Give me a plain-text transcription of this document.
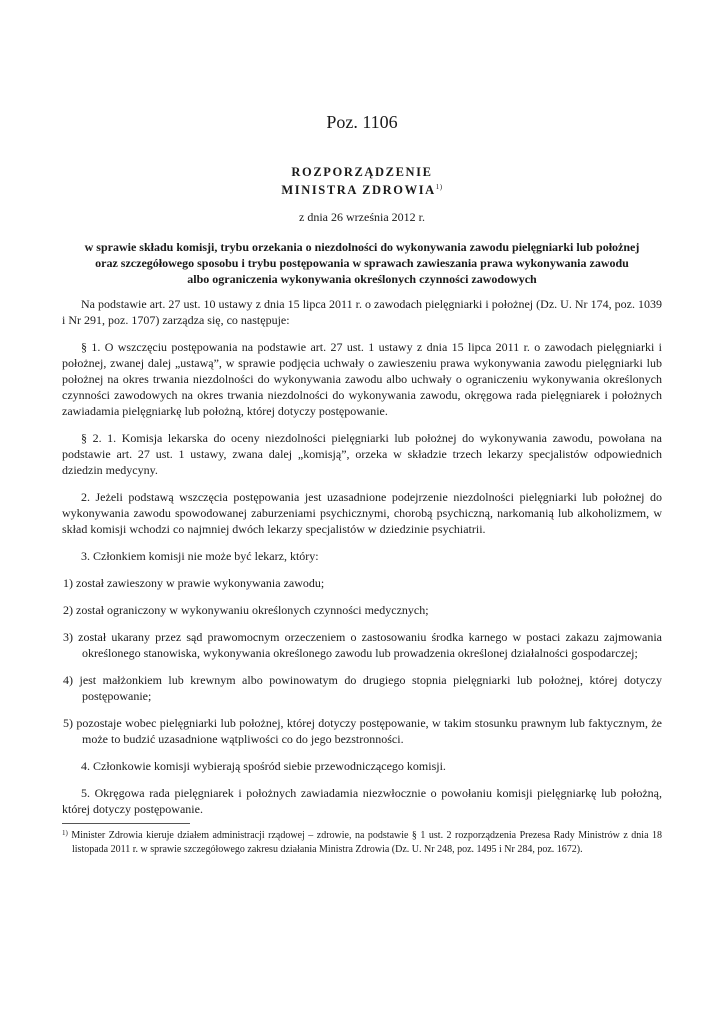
Poz. 1106
ROZPORZĄDZENIE
MINISTRA ZDROWIA$^{1)}$
z dnia 26 września 2012 r.
w sprawie składu komisji, trybu orzekania o niezdolności do wykonywania zawodu pielęgniarki lub położnej
oraz szczegółowego sposobu i trybu postępowania w sprawach zawieszania prawa wykonywania zawodu
albo ograniczenia wykonywania określonych czynności zawodowych

Na podstawie art. 27 ust. 10 ustawy z dnia 15 lipca 2011 r. o zawodach pielęgniarki i położnej (Dz. U. Nr 174, poz. 1039 i Nr 291, poz. 1707) zarządza się, co następuje:

§ 1. O wszczęciu postępowania na podstawie art. 27 ust. 1 ustawy z dnia 15 lipca 2011 r. o zawodach pielęgniarki i położnej, zwanej dalej „ustawą”, w sprawie podjęcia uchwały o zawieszeniu prawa wykonywania zawodu pielęgniarki lub położnej na okres trwania niezdolności do wykonywania zawodu albo uchwały o ograniczeniu wykonywania określonych czynności zawodowych na okres trwania niezdolności do wykonywania zawodu, okręgowa rada pielęgniarek i położnych zawiadamia pielęgniarkę lub położną, której dotyczy postępowanie.

§ 2. 1. Komisja lekarska do oceny niezdolności pielęgniarki lub położnej do wykonywania zawodu, powołana na podstawie art. 27 ust. 1 ustawy, zwana dalej „komisją”, orzeka w składzie trzech lekarzy specjalistów odpowiednich dziedzin medycyny.

2. Jeżeli podstawą wszczęcia postępowania jest uzasadnione podejrzenie niezdolności pielęgniarki lub położnej do wykonywania zawodu spowodowanej zaburzeniami psychicznymi, chorobą psychiczną, narkomanią lub alkoholizmem, w skład komisji wchodzi co najmniej dwóch lekarzy specjalistów w dziedzinie psychiatrii.

3. Członkiem komisji nie może być lekarz, który:

1) został zawieszony w prawie wykonywania zawodu;

2) został ograniczony w wykonywaniu określonych czynności medycznych;

3) został ukarany przez sąd prawomocnym orzeczeniem o zastosowaniu środka karnego w postaci zakazu zajmowania określonego stanowiska, wykonywania określonego zawodu lub prowadzenia określonej działalności gospodarczej;

4) jest małżonkiem lub krewnym albo powinowatym do drugiego stopnia pielęgniarki lub położnej, której dotyczy postępowanie;

5) pozostaje wobec pielęgniarki lub położnej, której dotyczy postępowanie, w takim stosunku prawnym lub faktycznym, że może to budzić uzasadnione wątpliwości co do jego bezstronności.

4. Członkowie komisji wybierają spośród siebie przewodniczącego komisji.

5. Okręgowa rada pielęgniarek i położnych zawiadamia niezwłocznie o powołaniu komisji pielęgniarkę lub położną, której dotyczy postępowanie.

$^{1)}$ Minister Zdrowia kieruje działem administracji rządowej – zdrowie, na podstawie § 1 ust. 2 rozporządzenia Prezesa Rady Ministrów z dnia 18 listopada 2011 r. w sprawie szczegółowego zakresu działania Ministra Zdrowia (Dz. U. Nr 248, poz. 1495 i Nr 284, poz. 1672).
